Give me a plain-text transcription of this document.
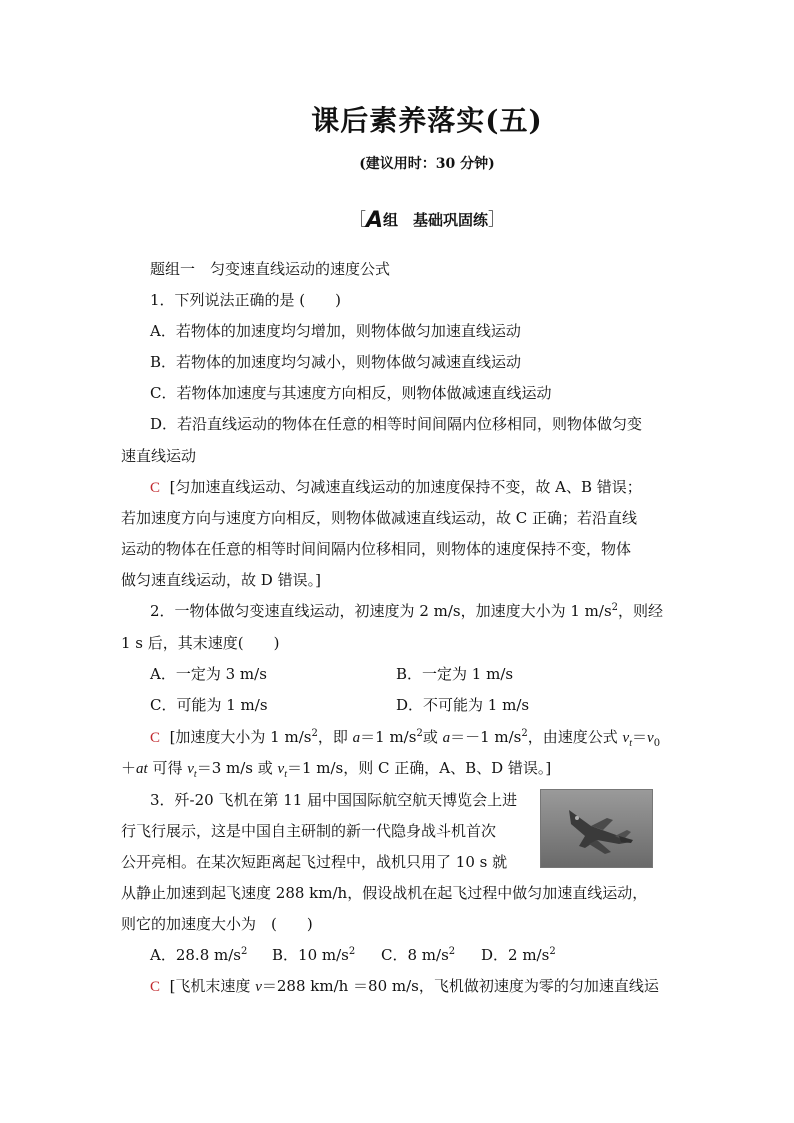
课后素养落实(五)
(建议用时：30 分钟)
［A组　基础巩固练］
题组一　匀变速直线运动的速度公式
1．下列说法正确的是 (　　)
A．若物体的加速度均匀增加，则物体做匀加速直线运动
B．若物体的加速度均匀减小，则物体做匀减速直线运动
C．若物体加速度与其速度方向相反，则物体做减速直线运动
D．若沿直线运动的物体在任意的相等时间间隔内位移相同，则物体做匀变
速直线运动
C [匀加速直线运动、匀减速直线运动的加速度保持不变，故 A、B 错误；
若加速度方向与速度方向相反，则物体做减速直线运动，故 C 正确；若沿直线
运动的物体在任意的相等时间间隔内位移相同，则物体的速度保持不变，物体
做匀速直线运动，故 D 错误。]
2．一物体做匀变速直线运动，初速度为 2 m/s，加速度大小为 1 $m/s^2$，则经
1 s 后，其末速度(　　)
A．一定为 3 m/s	B．一定为 1 m/s
C．可能为 1 m/s	D．不可能为 1 m/s
C [加速度大小为 1 $m/s^2$，即 a＝1 $m/s^2$或 a＝－1 $m/s^2$，由速度公式 $v_t=v_0$
＋at 可得 $v_t=3$ m/s 或 $v_t=1$ m/s，则 C 正确，A、B、D 错误。]
3．歼-20 飞机在第 11 届中国国际航空航天博览会上进
行飞行展示，这是中国自主研制的新一代隐身战斗机首次
公开亮相。在某次短距离起飞过程中，战机只用了 10 s 就
从静止加速到起飞速度 288 km/h，假设战机在起飞过程中做匀加速直线运动，
则它的加速度大小为　(　　)
A．28.8 $m/s^2$ B．10 $m/s^2$ C．8 $m/s^2$ D．2 $m/s^2$
C [飞机末速度 v＝288 km/h ＝80 m/s，飞机做初速度为零的匀加速直线运
